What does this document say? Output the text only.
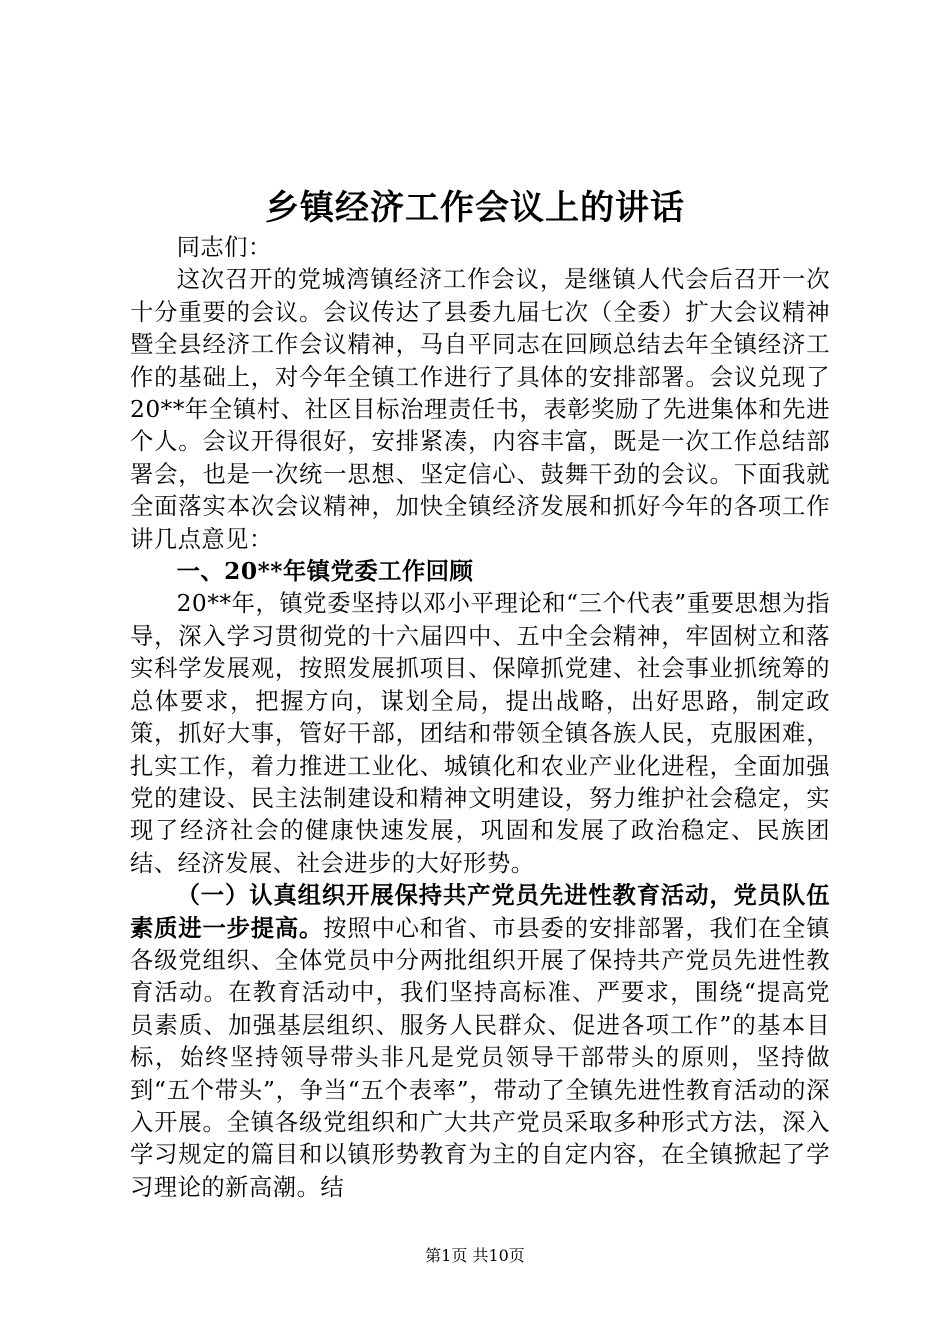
乡镇经济工作会议上的讲话

同志们：

这次召开的党城湾镇经济工作会议，是继镇人代会后召开一次十分重要的会议。会议传达了县委九届七次（全委）扩大会议精神暨全县经济工作会议精神，马自平同志在回顾总结去年全镇经济工作的基础上，对今年全镇工作进行了具体的安排部署。会议兑现了20**年全镇村、社区目标治理责任书，表彰奖励了先进集体和先进个人。会议开得很好，安排紧凑，内容丰富，既是一次工作总结部署会，也是一次统一思想、坚定信心、鼓舞干劲的会议。下面我就全面落实本次会议精神，加快全镇经济发展和抓好今年的各项工作讲几点意见：

一、20**年镇党委工作回顾

20**年，镇党委坚持以邓小平理论和“三个代表”重要思想为指导，深入学习贯彻党的十六届四中、五中全会精神，牢固树立和落实科学发展观，按照发展抓项目、保障抓党建、社会事业抓统筹的总体要求，把握方向，谋划全局，提出战略，出好思路，制定政策，抓好大事，管好干部，团结和带领全镇各族人民，克服困难，扎实工作，着力推进工业化、城镇化和农业产业化进程，全面加强党的建设、民主法制建设和精神文明建设，努力维护社会稳定，实现了经济社会的健康快速发展，巩固和发展了政治稳定、民族团结、经济发展、社会进步的大好形势。

（一）认真组织开展保持共产党员先进性教育活动，党员队伍素质进一步提高。按照中心和省、市县委的安排部署，我们在全镇各级党组织、全体党员中分两批组织开展了保持共产党员先进性教育活动。在教育活动中，我们坚持高标准、严要求，围绕“提高党员素质、加强基层组织、服务人民群众、促进各项工作”的基本目标，始终坚持领导带头非凡是党员领导干部带头的原则，坚持做到“五个带头”，争当“五个表率”，带动了全镇先进性教育活动的深入开展。全镇各级党组织和广大共产党员采取多种形式方法，深入学习规定的篇目和以镇形势教育为主的自定内容，在全镇掀起了学习理论的新高潮。结

第1页 共10页
